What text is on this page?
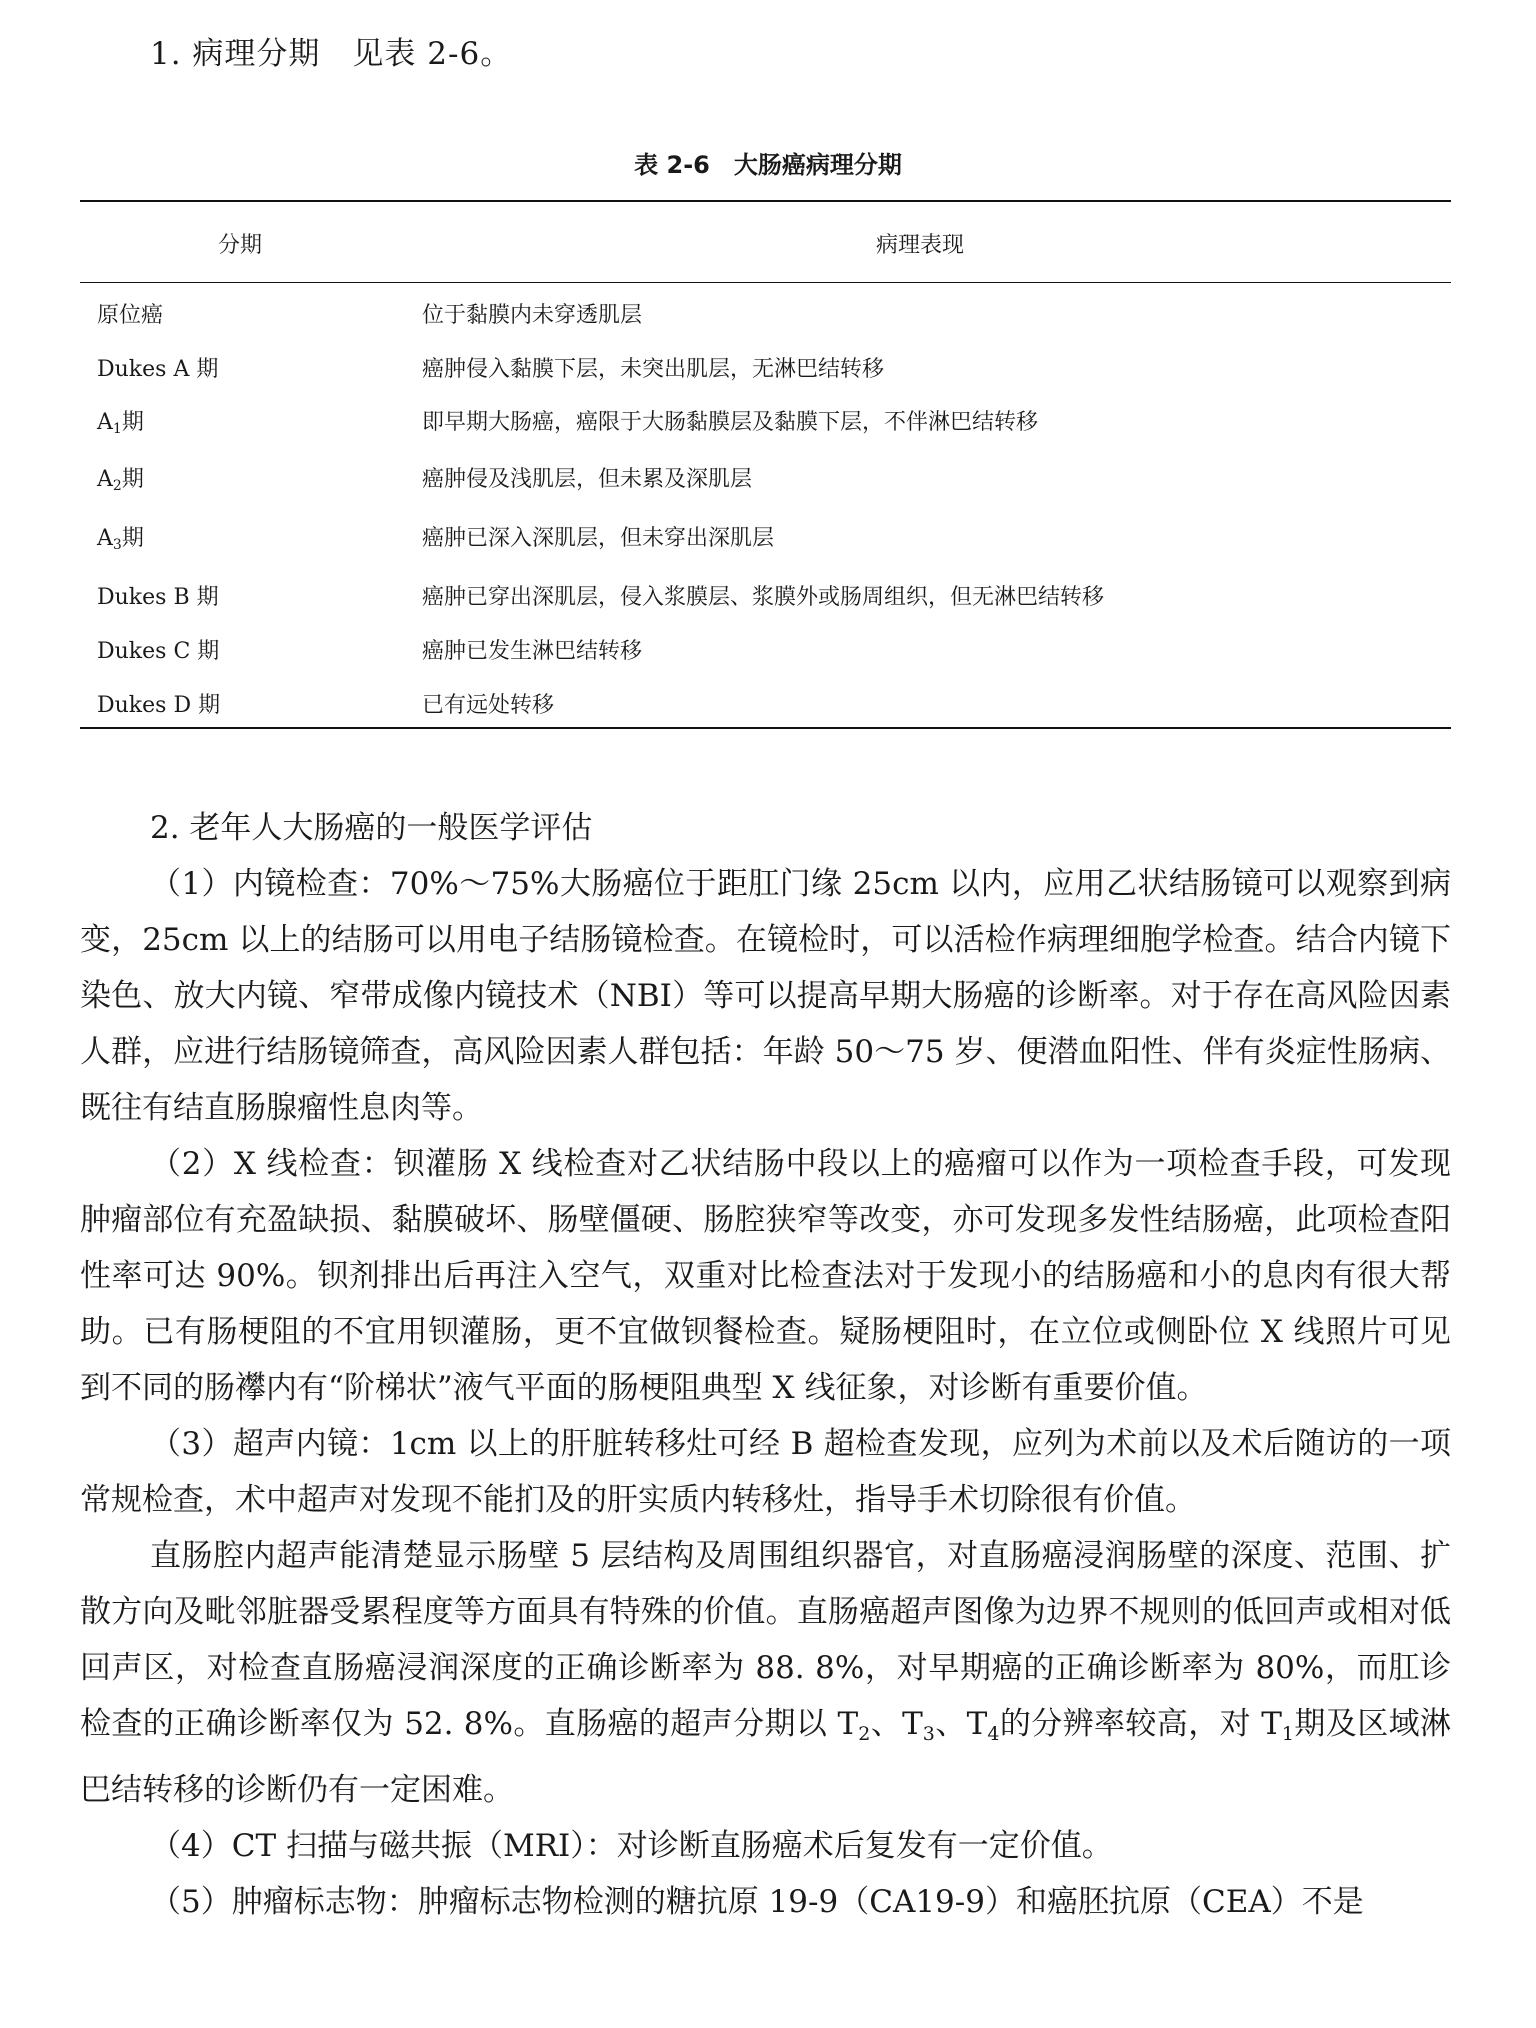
1. 病理分期　见表 2-6。
表 2-6　大肠癌病理分期
分期	病理表现
原位癌	位于黏膜内未穿透肌层
Dukes A 期	癌肿侵入黏膜下层，未突出肌层，无淋巴结转移
$A_1$期	即早期大肠癌，癌限于大肠黏膜层及黏膜下层，不伴淋巴结转移
$A_2$期	癌肿侵及浅肌层，但未累及深肌层
$A_3$期	癌肿已深入深肌层，但未穿出深肌层
Dukes B 期	癌肿已穿出深肌层，侵入浆膜层、浆膜外或肠周组织，但无淋巴结转移
Dukes C 期	癌肿已发生淋巴结转移
Dukes D 期	已有远处转移

2. 老年人大肠癌的一般医学评估

（1）内镜检查：70%～75%大肠癌位于距肛门缘 25cm 以内，应用乙状结肠镜可以观察到病变，25cm 以上的结肠可以用电子结肠镜检查。在镜检时，可以活检作病理细胞学检查。结合内镜下染色、放大内镜、窄带成像内镜技术（NBI）等可以提高早期大肠癌的诊断率。对于存在高风险因素人群，应进行结肠镜筛查，高风险因素人群包括：年龄 50～75 岁、便潜血阳性、伴有炎症性肠病、既往有结直肠腺瘤性息肉等。

（2）X 线检查：钡灌肠 X 线检查对乙状结肠中段以上的癌瘤可以作为一项检查手段，可发现肿瘤部位有充盈缺损、黏膜破坏、肠壁僵硬、肠腔狭窄等改变，亦可发现多发性结肠癌，此项检查阳性率可达 90%。钡剂排出后再注入空气，双重对比检查法对于发现小的结肠癌和小的息肉有很大帮助。已有肠梗阻的不宜用钡灌肠，更不宜做钡餐检查。疑肠梗阻时，在立位或侧卧位 X 线照片可见到不同的肠襻内有“阶梯状”液气平面的肠梗阻典型 X 线征象，对诊断有重要价值。

（3）超声内镜：1cm 以上的肝脏转移灶可经 B 超检查发现，应列为术前以及术后随访的一项常规检查，术中超声对发现不能扪及的肝实质内转移灶，指导手术切除很有价值。

直肠腔内超声能清楚显示肠壁 5 层结构及周围组织器官，对直肠癌浸润肠壁的深度、范围、扩散方向及毗邻脏器受累程度等方面具有特殊的价值。直肠癌超声图像为边界不规则的低回声或相对低回声区，对检查直肠癌浸润深度的正确诊断率为 88. 8%，对早期癌的正确诊断率为 80%，而肛诊检查的正确诊断率仅为 52. 8%。直肠癌的超声分期以 $T_2$、$T_3$、$T_4$的分辨率较高，对 $T_1$期及区域淋巴结转移的诊断仍有一定困难。

（4）CT 扫描与磁共振（MRI）：对诊断直肠癌术后复发有一定价值。

（5）肿瘤标志物：肿瘤标志物检测的糖抗原 19-9（CA19-9）和癌胚抗原（CEA）不是
